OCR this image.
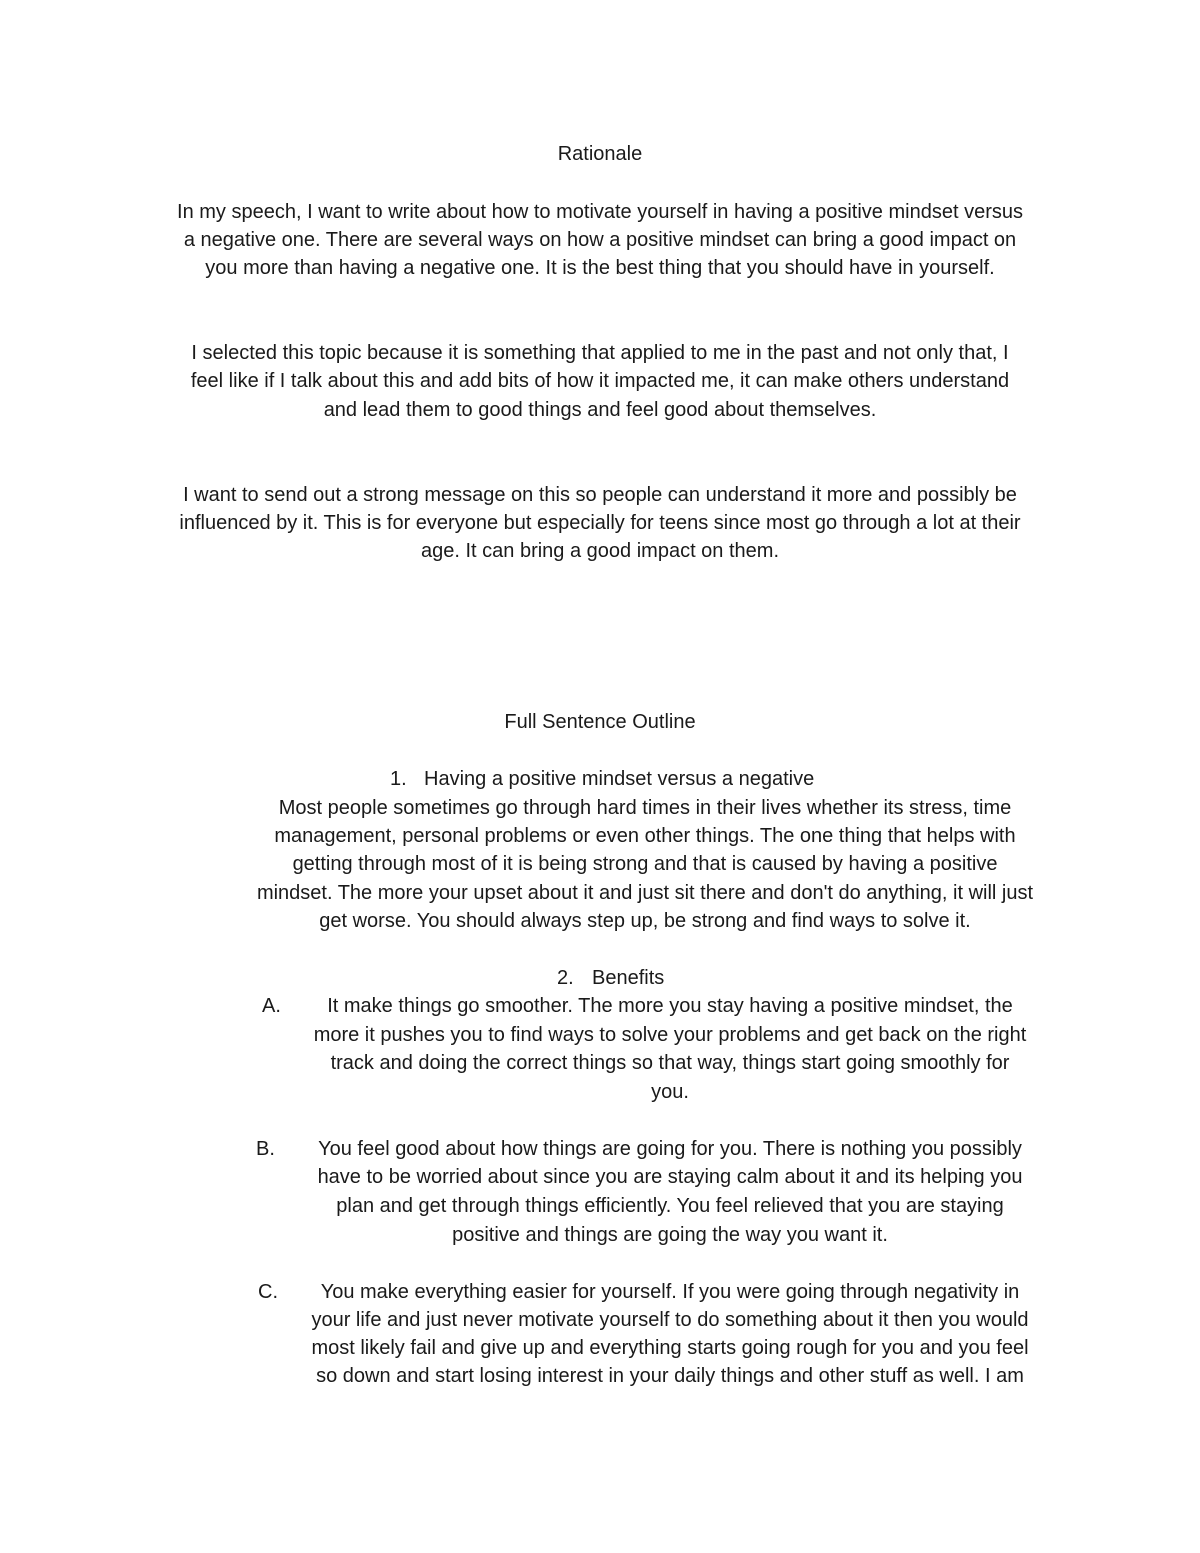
Rationale
In my speech, I want to write about how to motivate yourself in having a positive mindset versus
a negative one. There are several ways on how a positive mindset can bring a good impact on
you more than having a negative one. It is the best thing that you should have in yourself.
I selected this topic because it is something that applied to me in the past and not only that, I
feel like if I talk about this and add bits of how it impacted me, it can make others understand
and lead them to good things and feel good about themselves.
I want to send out a strong message on this so people can understand it more and possibly be
influenced by it. This is for everyone but especially for teens since most go through a lot at their
age. It can bring a good impact on them.
Full Sentence Outline
1. Having a positive mindset versus a negative
Most people sometimes go through hard times in their lives whether its stress, time
management, personal problems or even other things. The one thing that helps with
getting through most of it is being strong and that is caused by having a positive
mindset. The more your upset about it and just sit there and don't do anything, it will just
get worse. You should always step up, be strong and find ways to solve it.
2. Benefits
A.	It make things go smoother. The more you stay having a positive mindset, the
more it pushes you to find ways to solve your problems and get back on the right
track and doing the correct things so that way, things start going smoothly for
you.
B.	You feel good about how things are going for you. There is nothing you possibly
have to be worried about since you are staying calm about it and its helping you
plan and get through things efficiently. You feel relieved that you are staying
positive and things are going the way you want it.
C.	You make everything easier for yourself. If you were going through negativity in
your life and just never motivate yourself to do something about it then you would
most likely fail and give up and everything starts going rough for you and you feel
so down and start losing interest in your daily things and other stuff as well. I am
